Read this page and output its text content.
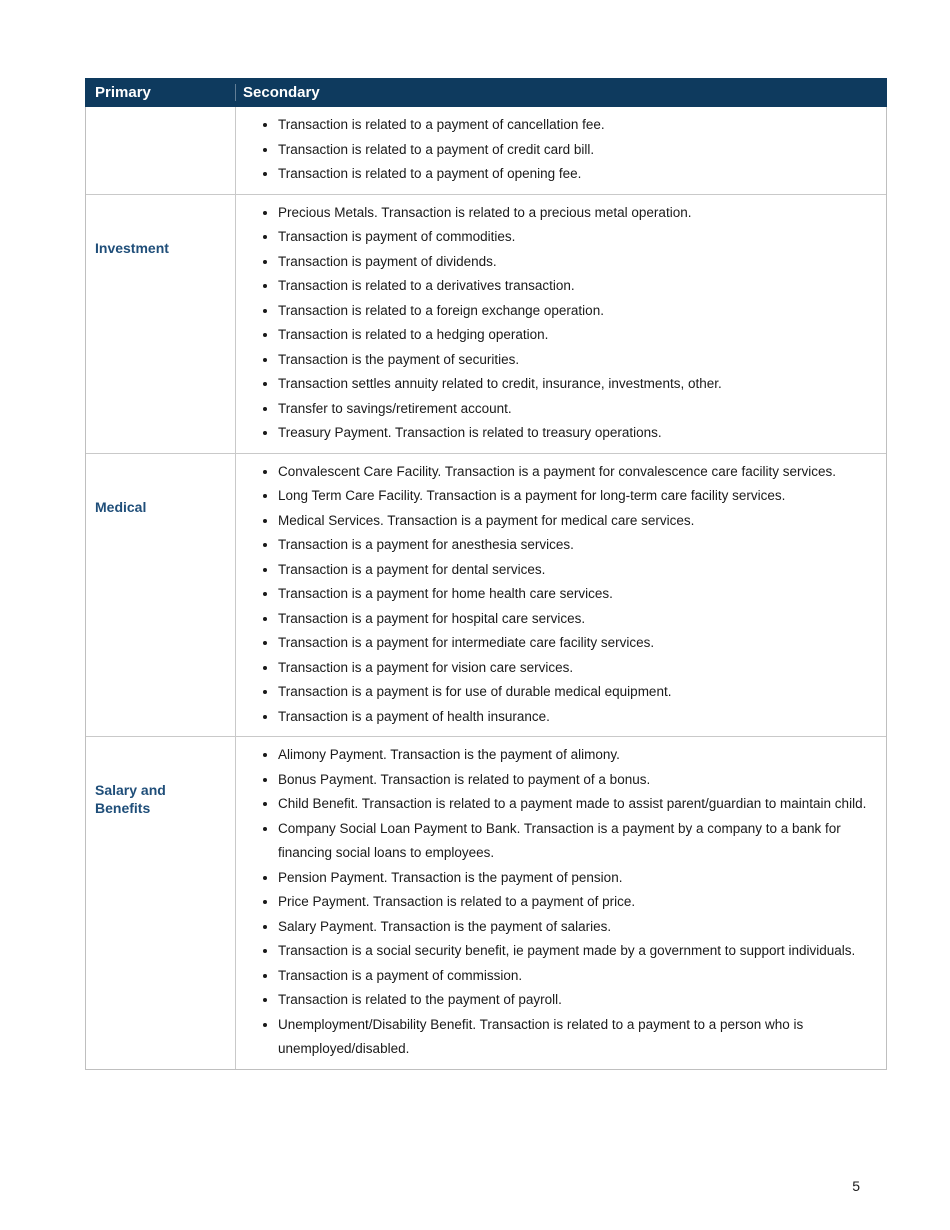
Primary	Secondary
• Transaction is related to a payment of cancellation fee.
• Transaction is related to a payment of credit card bill.
• Transaction is related to a payment of opening fee.
Investment
• Precious Metals. Transaction is related to a precious metal operation.
• Transaction is payment of commodities.
• Transaction is payment of dividends.
• Transaction is related to a derivatives transaction.
• Transaction is related to a foreign exchange operation.
• Transaction is related to a hedging operation.
• Transaction is the payment of securities.
• Transaction settles annuity related to credit, insurance, investments, other.
• Transfer to savings/retirement account.
• Treasury Payment. Transaction is related to treasury operations.
Medical
• Convalescent Care Facility. Transaction is a payment for convalescence care facility services.
• Long Term Care Facility. Transaction is a payment for long-term care facility services.
• Medical Services. Transaction is a payment for medical care services.
• Transaction is a payment for anesthesia services.
• Transaction is a payment for dental services.
• Transaction is a payment for home health care services.
• Transaction is a payment for hospital care services.
• Transaction is a payment for intermediate care facility services.
• Transaction is a payment for vision care services.
• Transaction is a payment is for use of durable medical equipment.
• Transaction is a payment of health insurance.
Salary and Benefits
• Alimony Payment. Transaction is the payment of alimony.
• Bonus Payment. Transaction is related to payment of a bonus.
• Child Benefit. Transaction is related to a payment made to assist parent/guardian to maintain child.
• Company Social Loan Payment to Bank. Transaction is a payment by a company to a bank for financing social loans to employees.
• Pension Payment. Transaction is the payment of pension.
• Price Payment. Transaction is related to a payment of price.
• Salary Payment. Transaction is the payment of salaries.
• Transaction is a social security benefit, ie payment made by a government to support individuals.
• Transaction is a payment of commission.
• Transaction is related to the payment of payroll.
• Unemployment/Disability Benefit. Transaction is related to a payment to a person who is unemployed/disabled.
5
